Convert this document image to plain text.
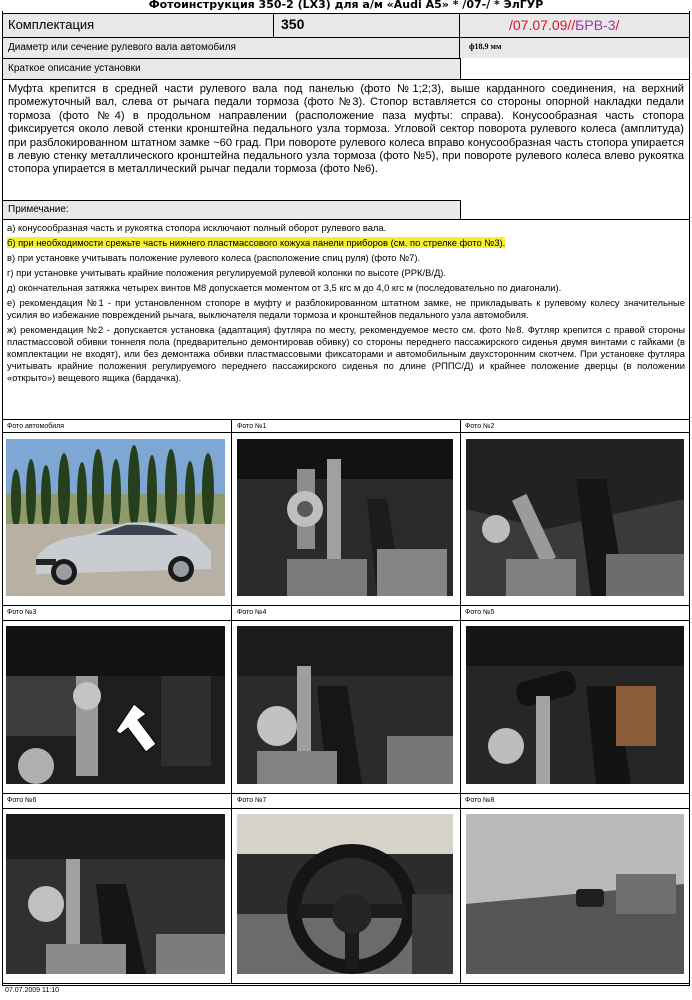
Фотоинструкция 350-2 (LX3) для а/м «Audi A5» * /07-/ * ЭлГУР
Комплектация	350	/07.07.09//БРВ-3/
Диаметр или сечение рулевого вала автомобиля	ф18,9 мм
Краткое описание установки
Муфта крепится в средней части рулевого вала под панелью (фото №1;2;3), выше карданного соединения, на верхний промежуточный вал, слева от рычага педали тормоза (фото №3). Стопор вставляется со стороны опорной накладки педали тормоза (фото №4) в продольном направлении (расположение паза муфты: справа). Конусообразная часть стопора фиксируется около левой стенки кронштейна педального узла тормоза. Угловой сектор поворота рулевого колеса (амплитуда) при разблокированном штатном замке ~60 град. При повороте рулевого колеса вправо конусообразная часть стопора упирается в левую стенку металлического кронштейна педального узла тормоза (фото №5), при повороте рулевого колеса влево рукоятка стопора упирается в металлический рычаг педали тормоза (фото №6).
Примечание:

а) конусообразная часть и рукоятка стопора исключают полный оборот рулевого вала.

б) при необходимости срежьте часть нижнего пластмассового кожуха панели приборов (см. по стрелке фото №3).

в) при установке учитывать положение рулевого колеса (расположение спиц руля) (фото №7).

г) при установке учитывать крайние положения регулируемой рулевой колонки по высоте (РРК/В/Д).

д) окончательная затяжка четырех винтов М8 допускается моментом от 3,5 кгс м до 4,0 кгс м (последовательно по диагонали).

е) рекомендация №1 - при установленном стопоре в муфту и разблокированном штатном замке, не прикладывать к рулевому колесу значительные усилия во избежание повреждений рычага, выключателя педали тормоза и кронштейнов педального узла автомобиля.

ж) рекомендация №2 - допускается установка (адаптация) футляра по месту, рекомендуемое место см. фото №8. Футляр крепится с правой стороны пластмассовой обивки тоннеля пола (предварительно демонтировав обивку) со стороны переднего пассажирского сиденья двумя винтами с гайками (в комплектации не входят), или без демонтажа обивки пластмассовыми фиксаторами и автомобильным двухсторонним скотчем. При установке футляра учитывать крайние положения регулируемого переднего пассажирского сиденья по длине (РППС/Д) и крайнее положение дверцы (в положении «открыто») вещевого ящика (бардачка).

Фото автомобиля	Фото №1	Фото №2
Фото №3	Фото №4	Фото №5
Фото №6	Фото №7	Фото №8
07.07.2009 11:10
